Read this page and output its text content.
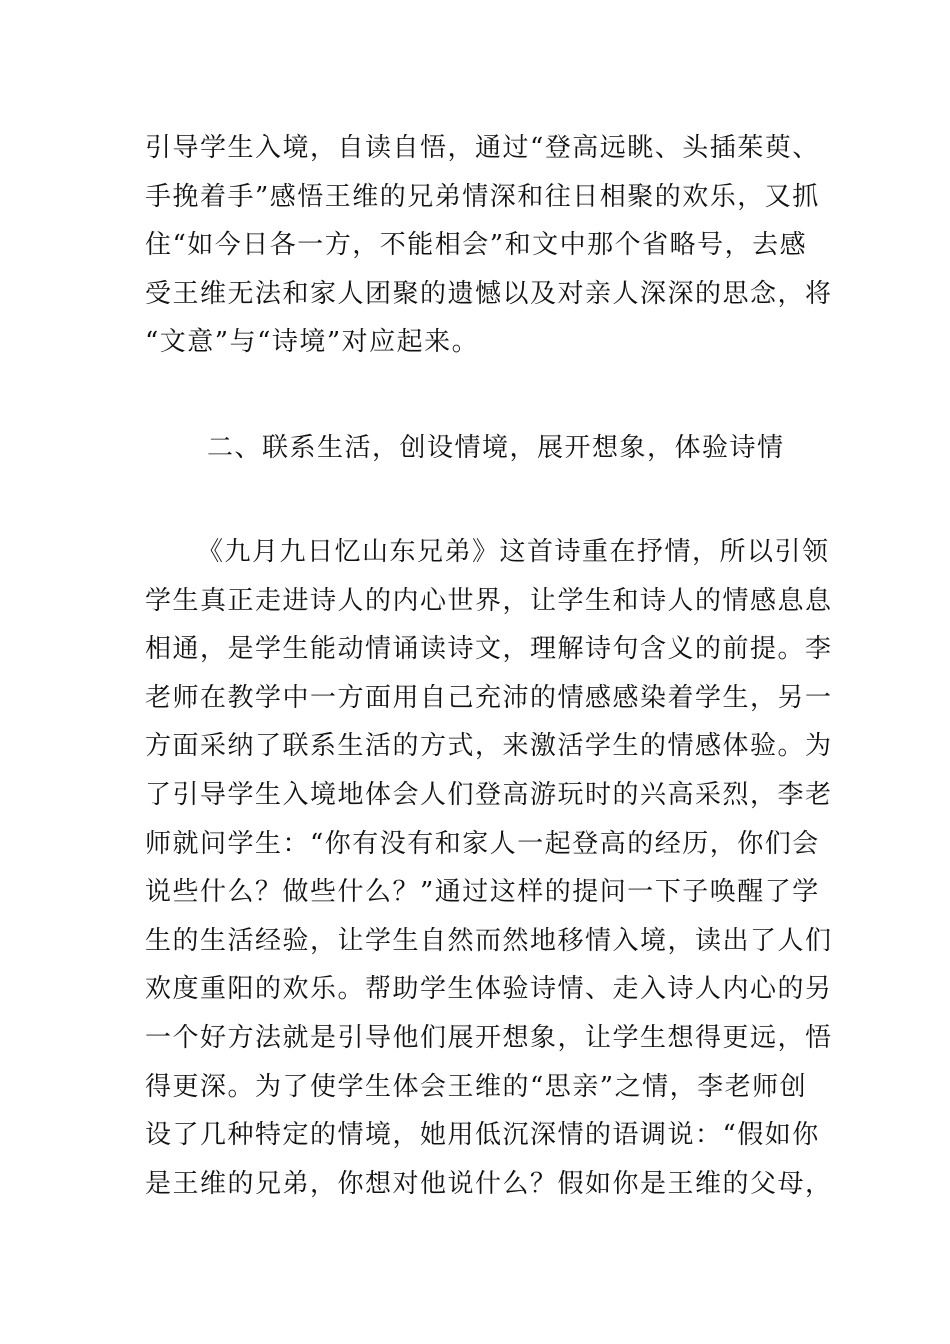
引导学生入境，自读自悟，通过“登高远眺、头插茱萸、
手挽着手”感悟王维的兄弟情深和往日相聚的欢乐，又抓
住“如今日各一方，不能相会”和文中那个省略号，去感
受王维无法和家人团聚的遗憾以及对亲人深深的思念，将
“文意”与“诗境”对应起来。
二、联系生活，创设情境，展开想象，体验诗情
《九月九日忆山东兄弟》这首诗重在抒情，所以引领
学生真正走进诗人的内心世界，让学生和诗人的情感息息
相通，是学生能动情诵读诗文，理解诗句含义的前提。李
老师在教学中一方面用自己充沛的情感感染着学生，另一
方面采纳了联系生活的方式，来激活学生的情感体验。为
了引导学生入境地体会人们登高游玩时的兴高采烈，李老
师就问学生：“你有没有和家人一起登高的经历，你们会
说些什么？做些什么？”通过这样的提问一下子唤醒了学
生的生活经验，让学生自然而然地移情入境，读出了人们
欢度重阳的欢乐。帮助学生体验诗情、走入诗人内心的另
一个好方法就是引导他们展开想象，让学生想得更远，悟
得更深。为了使学生体会王维的“思亲”之情，李老师创
设了几种特定的情境，她用低沉深情的语调说：“假如你
是王维的兄弟，你想对他说什么？假如你是王维的父母，
